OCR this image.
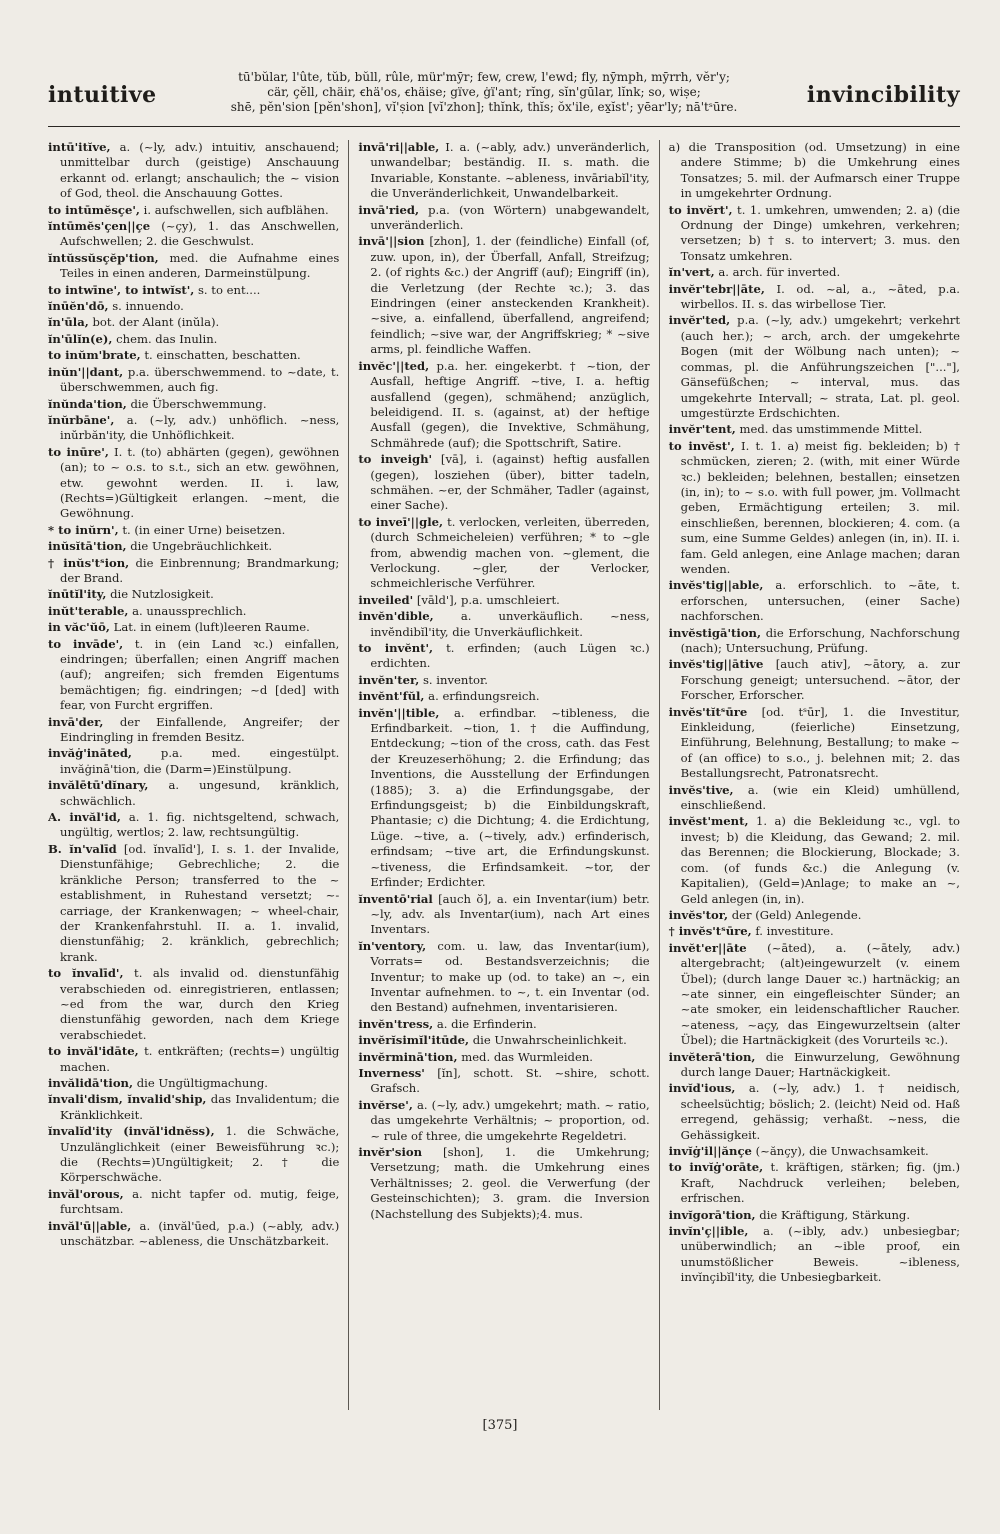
intuitive
tū'bŭlar, l'ûte, tŭb, bŭll, rûle, mür'mȳr; few, crew, l'ewd; fly, nȳmph, mȳrrh, vĕr'y;
cär, çĕll, chäir, ꞓhä'os, ꞓhäise; gïve, ġï'ant; rĭng, sĭn'gūlar, lĭnk; so, wiṣe;
shē, pĕn'sion [pĕn'shon], vĭ'ṣion [vĭ'zhon]; thĭnk, thĭs; ŏx'ile, ex̱ĭst'; yēar'ly; nā'tˢūre.	invincibility

intū'itĭve, a. (~ly, adv.) intuitiv, anschauend; unmittelbar durch (geistige) Anschauung erkannt od. erlangt; anschaulich; the ~ vision of God, theol. die Anschauung Gottes.

to intūmĕsçe', i. aufschwellen, sich aufblähen.

ĭntūmĕs'çen||çe (~çy), 1. das Anschwellen, Aufschwellen; 2. die Geschwulst.

ĭntŭssŭsçĕp'tion, med. die Aufnahme eines Teiles in einen anderen, Darmeinstülpung.

to intwīne', to intwĭst', s. to ent....

ĭnūĕn'dō, s. innuendo.

ĭn'ūla, bot. der Alant (inŭla).

ĭn'ūlĭn(e), chem. das Inulin.

to inŭm'brate, t. einschatten, beschatten.

inŭn'||dant, p.a. überschwemmend. to ~date, t. überschwemmen, auch fig.

ĭnŭnda'tion, die Überschwemmung.

ĭnŭrbāne', a. (~ly, adv.) unhöflich. ~ness, inŭrbăn'ity, die Unhöflichkeit.

to inūre', I. t. (to) abhärten (gegen), gewöhnen (an); to ~ o.s. to s.t., sich an etw. gewöhnen, etw. gewohnt werden. II. i. law, (Rechts=)Gültigkeit erlangen. ~ment, die Gewöhnung.

* to inŭrn', t. (in einer Urne) beisetzen.

inŭsĭtā'tion, die Ungebräuchlichkeit.

† inŭs'tˢion, die Einbrennung; Brandmarkung; der Brand.

ĭnūtĭl'ity, die Nutzlosigkeit.

inŭt'terable, a. unaussprechlich.

in văc'ŭō, Lat. in einem (luft)leeren Raume.

to invāde', t. in (ein Land ꝛc.) einfallen, eindringen; überfallen; einen Angriff machen (auf); angreifen; sich fremden Eigentums bemächtigen; fig. eindringen; ~d [ded] with fear, von Furcht ergriffen.

invā'der, der Einfallende, Angreifer; der Eindringling in fremden Besitz.

invăġ'ināted, p.a. med. eingestülpt. invăġinā'tion, die (Darm=)Einstülpung.

invălētū'dĭnary, a. ungesund, kränklich, schwächlich.

A. invăl'id, a. 1. fig. nichtsgeltend, schwach, ungültig, wertlos; 2. law, rechtsungültig.

B. ĭn'valīd [od. ĭnvalīd'], I. s. 1. der Invalide, Dienstunfähige; Gebrechliche; 2. die kränkliche Person; transferred to the ~ establishment, in Ruhestand versetzt; ~-carriage, der Krankenwagen; ~ wheel-chair, der Krankenfahrstuhl. II. a. 1. invalid, dienstunfähig; 2. kränklich, gebrechlich; krank.

to ĭnvalīd', t. als invalid od. dienstunfähig verabschieden od. einregistrieren, entlassen; ~ed from the war, durch den Krieg dienstunfähig geworden, nach dem Kriege verabschiedet.

to invăl'idāte, t. entkräften; (rechts=) ungültig machen.

invălidā'tion, die Ungültigmachung.

ĭnvali'dism, ĭnvalid'ship, das Invalidentum; die Kränklichkeit.

ĭnvalĭd'ity (invăl'idnĕss), 1. die Schwäche, Unzulänglichkeit (einer Beweisführung ꝛc.); die (Rechts=)Ungültigkeit; 2. † die Körperschwäche.

invăl'orous, a. nicht tapfer od. mutig, feige, furchtsam.

invăl'ū||able, a. (invăl'ūed, p.a.) (~ably, adv.) unschätzbar. ~ableness, die Unschätzbarkeit.

invā'ri||able, I. a. (~ably, adv.) unveränderlich, unwandelbar; beständig. II. s. math. die Invariable, Konstante. ~ableness, invāriabĭl'ity, die Unveränderlichkeit, Unwandelbarkeit.

invā'ried, p.a. (von Wörtern) unabgewandelt, unveränderlich.

invā'||sion [zhon], 1. der (feindliche) Einfall (of, zuw. upon, in), der Überfall, Anfall, Streifzug; 2. (of rights &c.) der Angriff (auf); Eingriff (in), die Verletzung (der Rechte ꝛc.); 3. das Eindringen (einer ansteckenden Krankheit). ~sive, a. einfallend, überfallend, angreifend; feindlich; ~sive war, der Angriffskrieg; * ~sive arms, pl. feindliche Waffen.

invĕc'||ted, p.a. her. eingekerbt. † ~tion, der Ausfall, heftige Angriff. ~tive, I. a. heftig ausfallend (gegen), schmähend; anzüglich, beleidigend. II. s. (against, at) der heftige Ausfall (gegen), die Invektive, Schmähung, Schmährede (auf); die Spottschrift, Satire.

to inveigh' [vā], i. (against) heftig ausfallen (gegen), losziehen (über), bitter tadeln, schmähen. ~er, der Schmäher, Tadler (against, einer Sache).

to inveī'||gle, t. verlocken, verleiten, überreden, (durch Schmeicheleien) verführen; * to ~gle from, abwendig machen von. ~glement, die Verlockung. ~gler, der Verlocker, schmeichlerische Verführer.

inveiled' [vāld'], p.a. umschleiert.

invĕn'dible, a. unverkäuflich. ~ness, invĕndibĭl'ity, die Unverkäuflichkeit.

to invĕnt', t. erfinden; (auch Lügen ꝛc.) erdichten.

invĕn'ter, s. inventor.

invĕnt'fŭl, a. erfindungsreich.

invĕn'||tible, a. erfindbar. ~tibleness, die Erfindbarkeit. ~tion, 1. † die Auffindung, Entdeckung; ~tion of the cross, cath. das Fest der Kreuzeserhöhung; 2. die Erfindung; das Inventions, die Ausstellung der Erfindungen (1885); 3. a) die Erfindungsgabe, der Erfindungsgeist; b) die Einbildungskraft, Phantasie; c) die Dichtung; 4. die Erdichtung, Lüge. ~tive, a. (~tively, adv.) erfinderisch, erfindsam; ~tive art, die Erfindungskunst. ~tiveness, die Erfindsamkeit. ~tor, der Erfinder; Erdichter.

ĭnventō'rial [auch ŏ], a. ein Inventar(ium) betr. ~ly, adv. als Inventar(ium), nach Art eines Inventars.

ĭn'ventory, com. u. law, das Inventar(ium), Vorrats= od. Bestandsverzeichnis; die Inventur; to make up (od. to take) an ~, ein Inventar aufnehmen. to ~, t. ein Inventar (od. den Bestand) aufnehmen, inventarisieren.

invĕn'tress, a. die Erfinderin.

invĕrĭsimĭl'itūde, die Unwahrscheinlichkeit.

invĕrminā'tion, med. das Wurmleiden.

Inverness' [ĭn], schott. St. ~shire, schott. Grafsch.

invĕrse', a. (~ly, adv.) umgekehrt; math. ~ ratio, das umgekehrte Verhältnis; ~ proportion, od. ~ rule of three, die umgekehrte Regeldetri.

invĕr'sion [shon], 1. die Umkehrung; Versetzung; math. die Umkehrung eines Verhältnisses; 2. geol. die Verwerfung (der Gesteinschichten); 3. gram. die Inversion (Nachstellung des Subjekts);4. mus.

a) die Transposition (od. Umsetzung) in eine andere Stimme; b) die Umkehrung eines Tonsatzes; 5. mil. der Aufmarsch einer Truppe in umgekehrter Ordnung.

to invĕrt', t. 1. umkehren, umwenden; 2. a) (die Ordnung der Dinge) umkehren, verkehren; versetzen; b) † s. to intervert; 3. mus. den Tonsatz umkehren.

ĭn'vert, a. arch. für inverted.

invĕr'tebr||āte, I. od. ~al, a., ~āted, p.a. wirbellos. II. s. das wirbellose Tier.

invĕr'ted, p.a. (~ly, adv.) umgekehrt; verkehrt (auch her.); ~ arch, arch. der umgekehrte Bogen (mit der Wölbung nach unten); ~ commas, pl. die Anführungszeichen ["..."], Gänsefüßchen; ~ interval, mus. das umgekehrte Intervall; ~ strata, Lat. pl. geol. umgestürzte Erdschichten.

invĕr'tent, med. das umstimmende Mittel.

to invĕst', I. t. 1. a) meist fig. bekleiden; b) † schmücken, zieren; 2. (with, mit einer Würde ꝛc.) bekleiden; belehnen, bestallen; einsetzen (in, in); to ~ s.o. with full power, jm. Vollmacht geben, Ermächtigung erteilen; 3. mil. einschließen, berennen, blockieren; 4. com. (a sum, eine Summe Geldes) anlegen (in, in). II. i. fam. Geld anlegen, eine Anlage machen; daran wenden.

invĕs'tig||able, a. erforschlich. to ~āte, t. erforschen, untersuchen, (einer Sache) nachforschen.

invĕstigā'tion, die Erforschung, Nachforschung (nach); Untersuchung, Prüfung.

invĕs'tig||ātive [auch ativ], ~ātory, a. zur Forschung geneigt; untersuchend. ~ātor, der Forscher, Erforscher.

invĕs'tĭtˢūre [od. tˢūr], 1. die Investitur, Einkleidung, (feierliche) Einsetzung, Einführung, Belehnung, Bestallung; to make ~ of (an office) to s.o., j. belehnen mit; 2. das Bestallungsrecht, Patronatsrecht.

invĕs'tive, a. (wie ein Kleid) umhüllend, einschließend.

invĕst'ment, 1. a) die Bekleidung ꝛc., vgl. to invest; b) die Kleidung, das Gewand; 2. mil. das Berennen; die Blockierung, Blockade; 3. com. (of funds &c.) die Anlegung (v. Kapitalien), (Geld=)Anlage; to make an ~, Geld anlegen (in, in).

invĕs'tor, der (Geld) Anlegende.

† invĕs'tˢūre, f. investiture.

invĕt'er||āte (~āted), a. (~ātely, adv.) altergebracht; (alt)eingewurzelt (v. einem Übel); (durch lange Dauer ꝛc.) hartnäckig; an ~ate sinner, ein eingefleischter Sünder; an ~ate smoker, ein leidenschaftlicher Raucher. ~ateness, ~açy, das Eingewurzeltsein (alter Übel); die Hartnäckigkeit (des Vorurteils ꝛc.).

invĕterā'tion, die Einwurzelung, Gewöhnung durch lange Dauer; Hartnäckigkeit.

invĭd'ious, a. (~ly, adv.) 1. † neidisch, scheelsüchtig; böslich; 2. (leicht) Neid od. Haß erregend, gehässig; verhaßt. ~ness, die Gehässigkeit.

invĭġ'il||ănçe (~ănçy), die Unwachsamkeit.

to invĭġ'orāte, t. kräftigen, stärken; fig. (jm.) Kraft, Nachdruck verleihen; beleben, erfrischen.

invĭgorā'tion, die Kräftigung, Stärkung.

invĭn'ç||ible, a. (~ibly, adv.) unbesiegbar; unüberwindlich; an ~ible proof, ein unumstößlicher Beweis. ~ibleness, invĭnçibĭl'ity, die Unbesiegbarkeit.

[375]
